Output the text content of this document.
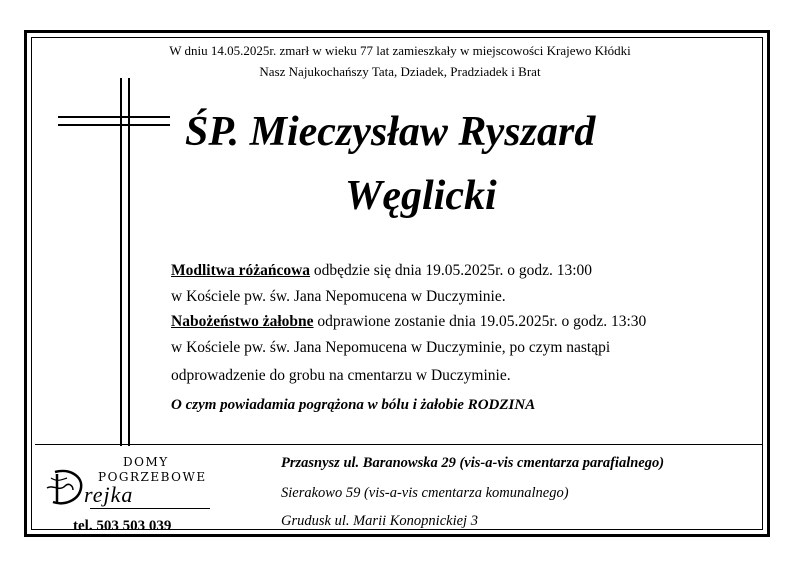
W dniu 14.05.2025r. zmarł w wieku 77 lat zamieszkały w miejscowości Krajewo Kłódki
Nasz Najukochańszy Tata, Dziadek, Pradziadek i Brat
ŚP. Mieczysław Ryszard
Węglicki
Modlitwa różańcowa odbędzie się dnia 19.05.2025r. o godz. 13:00
w Kościele pw. św. Jana Nepomucena w Duczyminie.
Nabożeństwo żałobne odprawione zostanie dnia 19.05.2025r. o godz. 13:30
w Kościele pw. św. Jana Nepomucena w Duczyminie, po czym nastąpi
odprowadzenie do grobu na cmentarzu w Duczyminie.
O czym powiadamia pogrążona w bólu i żałobie RODZINA
DOMY
POGRZEBOWE
rejka
tel. 503 503 039
Przasnysz ul. Baranowska 29 (vis-a-vis cmentarza parafialnego)
Sierakowo 59 (vis-a-vis cmentarza komunalnego)
Grudusk ul. Marii Konopnickiej 3
